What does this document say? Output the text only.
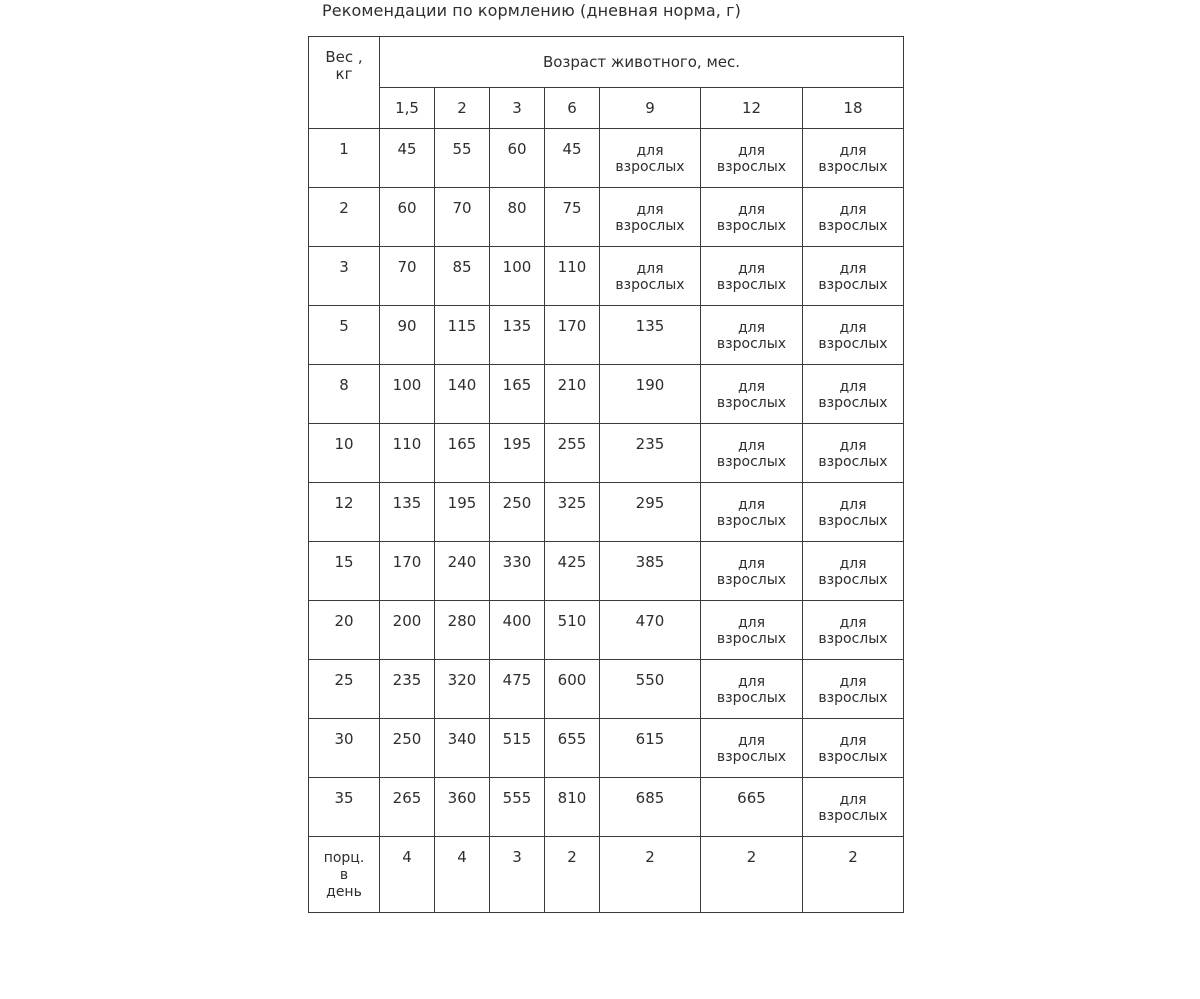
Рекомендации по кормлению (дневная норма, г)
Вес ,
кг	Возраст животного, мес.						
	1,5	2	3	6	9	12	18

1	45	55	60	45	для
взрослых	для
взрослых	для
взрослых

2	60	70	80	75	для
взрослых	для
взрослых	для
взрослых

3	70	85	100	110	для
взрослых	для
взрослых	для
взрослых

5	90	115	135	170	135	для
взрослых	для
взрослых

8	100	140	165	210	190	для
взрослых	для
взрослых

10	110	165	195	255	235	для
взрослых	для
взрослых

12	135	195	250	325	295	для
взрослых	для
взрослых

15	170	240	330	425	385	для
взрослых	для
взрослых

20	200	280	400	510	470	для
взрослых	для
взрослых

25	235	320	475	600	550	для
взрослых	для
взрослых

30	250	340	515	655	615	для
взрослых	для
взрослых

35	265	360	555	810	685	665	для
взрослых

порц.
в
день	4	4	3	2	2	2	2
